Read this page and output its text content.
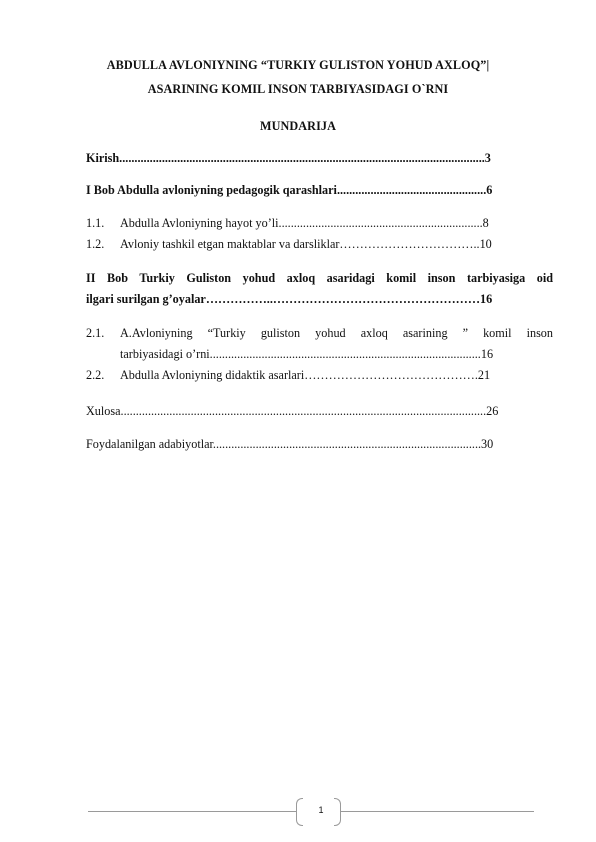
ABDULLA AVLONIYNING “TURKIY GULISTON YOHUD AXLOQ”|
ASARINING KOMIL INSON TARBIYASIDAGI O`RNI
MUNDARIJA
Kirish........................................................................................................................3
I Bob Abdulla avloniyning pedagogik qarashlari.................................................6
1.1.	Abdulla Avloniyning hayot yo’li...................................................................8
1.2.	Avloniy tashkil etgan maktablar va darsliklar……………………………..10
II Bob Turkiy Guliston yohud axloq asaridagi komil inson tarbiyasiga oid
ilgari surilgan g’oyalar……………..……………………………………………16
2.1.	A.Avloniyning “Turkiy guliston yohud axloq asarining ” komil inson
tarbiyasidagi o’rni.........................................................................................16
2.2.	Abdulla Avloniyning didaktik asarlari…………………………………….21
Xulosa........................................................................................................................26
Foydalanilgan adabiyotlar........................................................................................30
1
